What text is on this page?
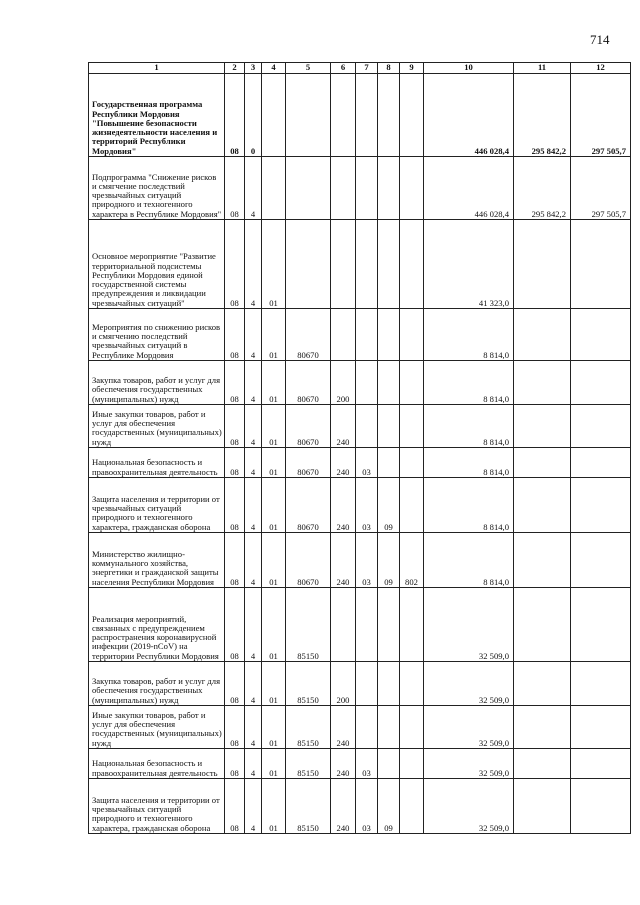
714
1	2	3	4	5	6	7	8	9	10	11	12
Государственная программа Республики Мордовия "Повышение безопасности жизнедеятельности населения и территорий Республики Мордовия"	08	0							446 028,4	295 842,2	297 505,7
Подпрограмма "Снижение рисков и смягчение последствий чрезвычайных ситуаций природного и техногенного характера в Республике Мордовия"	08	4							446 028,4	295 842,2	297 505,7
Основное мероприятие "Развитие территориальной подсистемы Республики Мордовия единой государственной системы предупреждения и ликвидации чрезвычайных ситуаций"	08	4	01						41 323,0		
Мероприятия по снижению рисков и смягчению последствий чрезвычайных ситуаций в Республике Мордовия	08	4	01	80670					8 814,0		
Закупка товаров, работ и услуг для обеспечения государственных (муниципальных) нужд	08	4	01	80670	200				8 814,0		
Иные закупки товаров, работ и услуг для обеспечения государственных (муниципальных) нужд	08	4	01	80670	240				8 814,0		
Национальная безопасность и правоохранительная деятельность	08	4	01	80670	240	03			8 814,0		
Защита населения и территории от чрезвычайных ситуаций природного и техногенного характера, гражданская оборона	08	4	01	80670	240	03	09		8 814,0		
Министерство жилищно-коммунального хозяйства, энергетики и гражданской защиты населения Республики Мордовия	08	4	01	80670	240	03	09	802	8 814,0		
Реализация мероприятий, связанных с предупреждением распространения коронавирусной инфекции (2019-nCoV) на территории Республики Мордовия	08	4	01	85150					32 509,0		
Закупка товаров, работ и услуг для обеспечения государственных (муниципальных) нужд	08	4	01	85150	200				32 509,0		
Иные закупки товаров, работ и услуг для обеспечения государственных (муниципальных) нужд	08	4	01	85150	240				32 509,0		
Национальная безопасность и правоохранительная деятельность	08	4	01	85150	240	03			32 509,0		
Защита населения и территории от чрезвычайных ситуаций природного и техногенного характера, гражданская оборона	08	4	01	85150	240	03	09		32 509,0		
